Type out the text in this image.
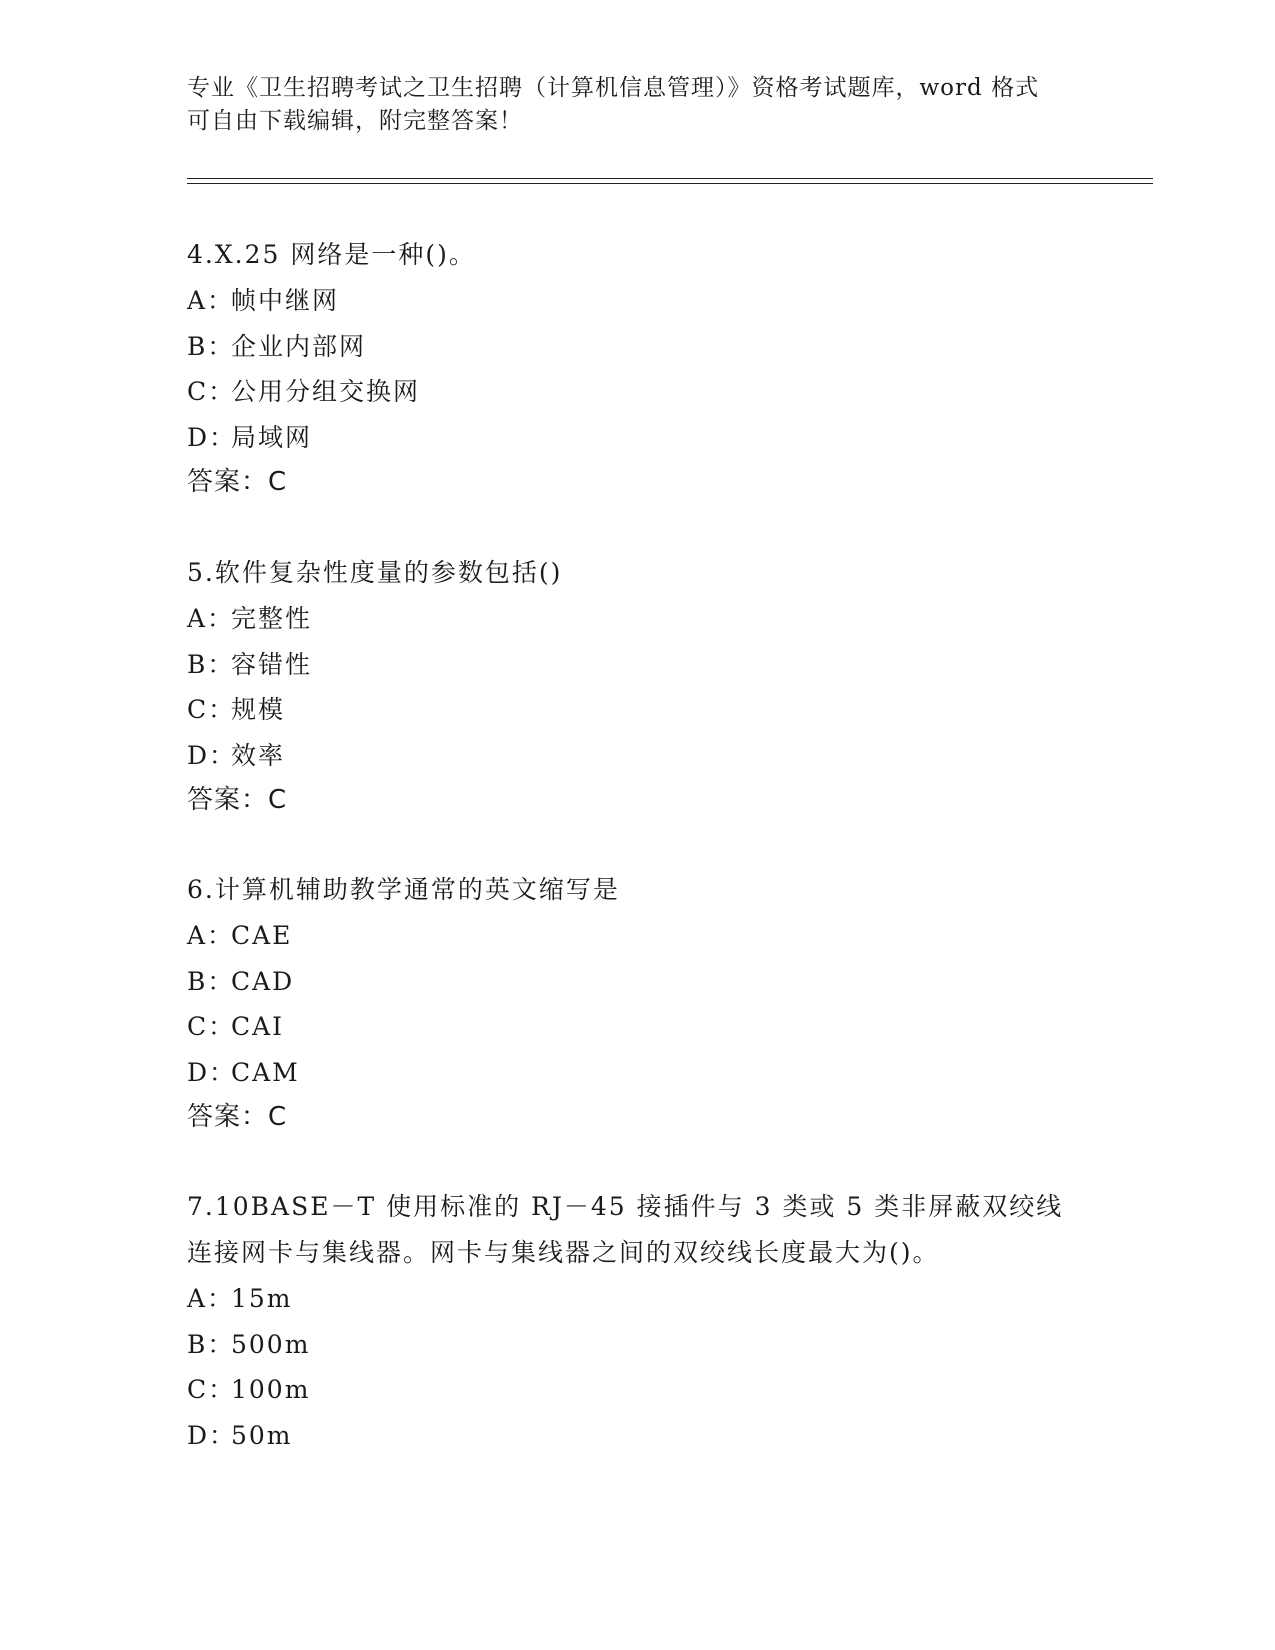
专业《卫生招聘考试之卫生招聘（计算机信息管理）》资格考试题库，word 格式
可自由下载编辑，附完整答案！
4.X.25 网络是一种()。
A：帧中继网
B：企业内部网
C：公用分组交换网
D：局域网
答案：C
5.软件复杂性度量的参数包括()
A：完整性
B：容错性
C：规模
D：效率
答案：C
6.计算机辅助教学通常的英文缩写是
A：CAE
B：CAD
C：CAI
D：CAM
答案：C
7.10BASE－T 使用标准的 RJ－45 接插件与 3 类或 5 类非屏蔽双绞线连接网卡与集线器。网卡与集线器之间的双绞线长度最大为()。
A：15m
B：500m
C：100m
D：50m
